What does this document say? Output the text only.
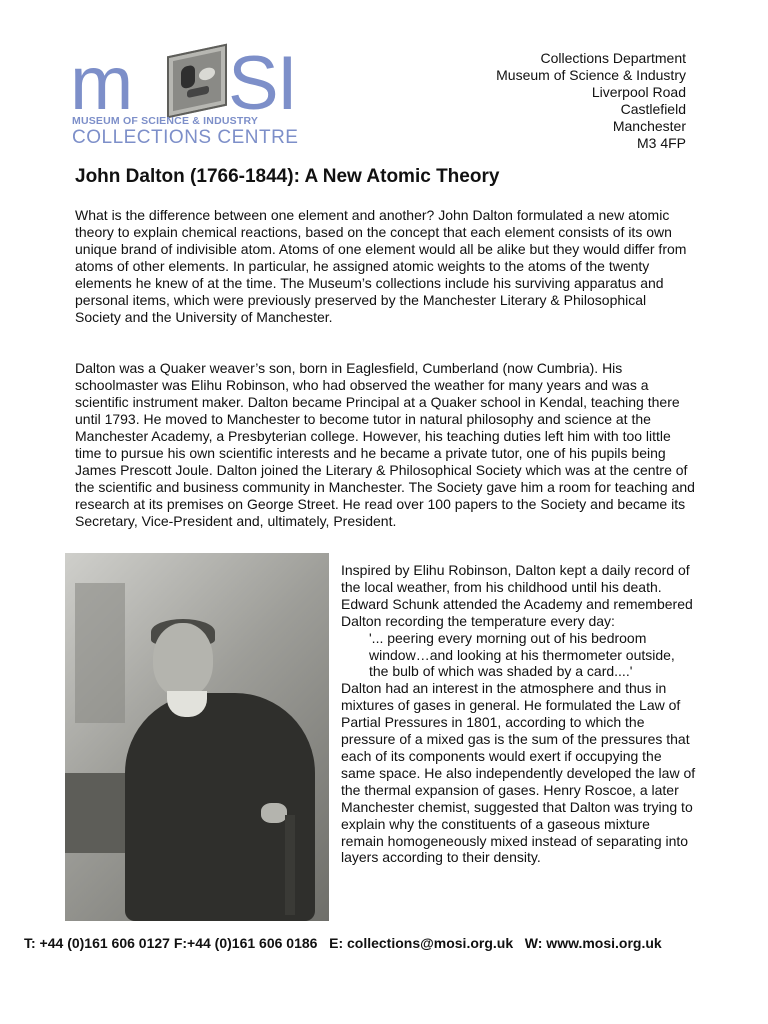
m SI
MUSEUM OF SCIENCE & INDUSTRY
COLLECTIONS CENTRE
Collections Department
Museum of Science & Industry
Liverpool Road
Castlefield
Manchester
M3 4FP
John Dalton (1766-1844): A New Atomic Theory

What is the difference between one element and another? John Dalton formulated a new atomic theory to explain chemical reactions, based on the concept that each element consists of its own unique brand of indivisible atom. Atoms of one element would all be alike but they would differ from atoms of other elements. In particular, he assigned atomic weights to the atoms of the twenty elements he knew of at the time. The Museum’s collections include his surviving apparatus and personal items, which were previously preserved by the Manchester Literary & Philosophical Society and the University of Manchester.

Dalton was a Quaker weaver’s son, born in Eaglesfield, Cumberland (now Cumbria). His schoolmaster was Elihu Robinson, who had observed the weather for many years and was a scientific instrument maker. Dalton became Principal at a Quaker school in Kendal, teaching there until 1793. He moved to Manchester to become tutor in natural philosophy and science at the Manchester Academy, a Presbyterian college. However, his teaching duties left him with too little time to pursue his own scientific interests and he became a private tutor, one of his pupils being James Prescott Joule. Dalton joined the Literary & Philosophical Society which was at the centre of the scientific and business community in Manchester. The Society gave him a room for teaching and research at its premises on George Street. He read over 100 papers to the Society and became its Secretary, Vice-President and, ultimately, President.

Inspired by Elihu Robinson, Dalton kept a daily record of the local weather, from his childhood until his death. Edward Schunk attended the Academy and remembered Dalton recording the temperature every day:

'... peering every morning out of his bedroom window…and looking at his thermometer outside, the bulb of which was shaded by a card....'

Dalton had an interest in the atmosphere and thus in mixtures of gases in general. He formulated the Law of Partial Pressures in 1801, according to which the pressure of a mixed gas is the sum of the pressures that each of its components would exert if occupying the same space. He also independently developed the law of the thermal expansion of gases. Henry Roscoe, a later Manchester chemist, suggested that Dalton was trying to explain why the constituents of a gaseous mixture remain homogeneously mixed instead of separating into layers according to their density.

T: +44 (0)161 606 0127 F:+44 (0)161 606 0186   E: collections@mosi.org.uk   W: www.mosi.org.uk
